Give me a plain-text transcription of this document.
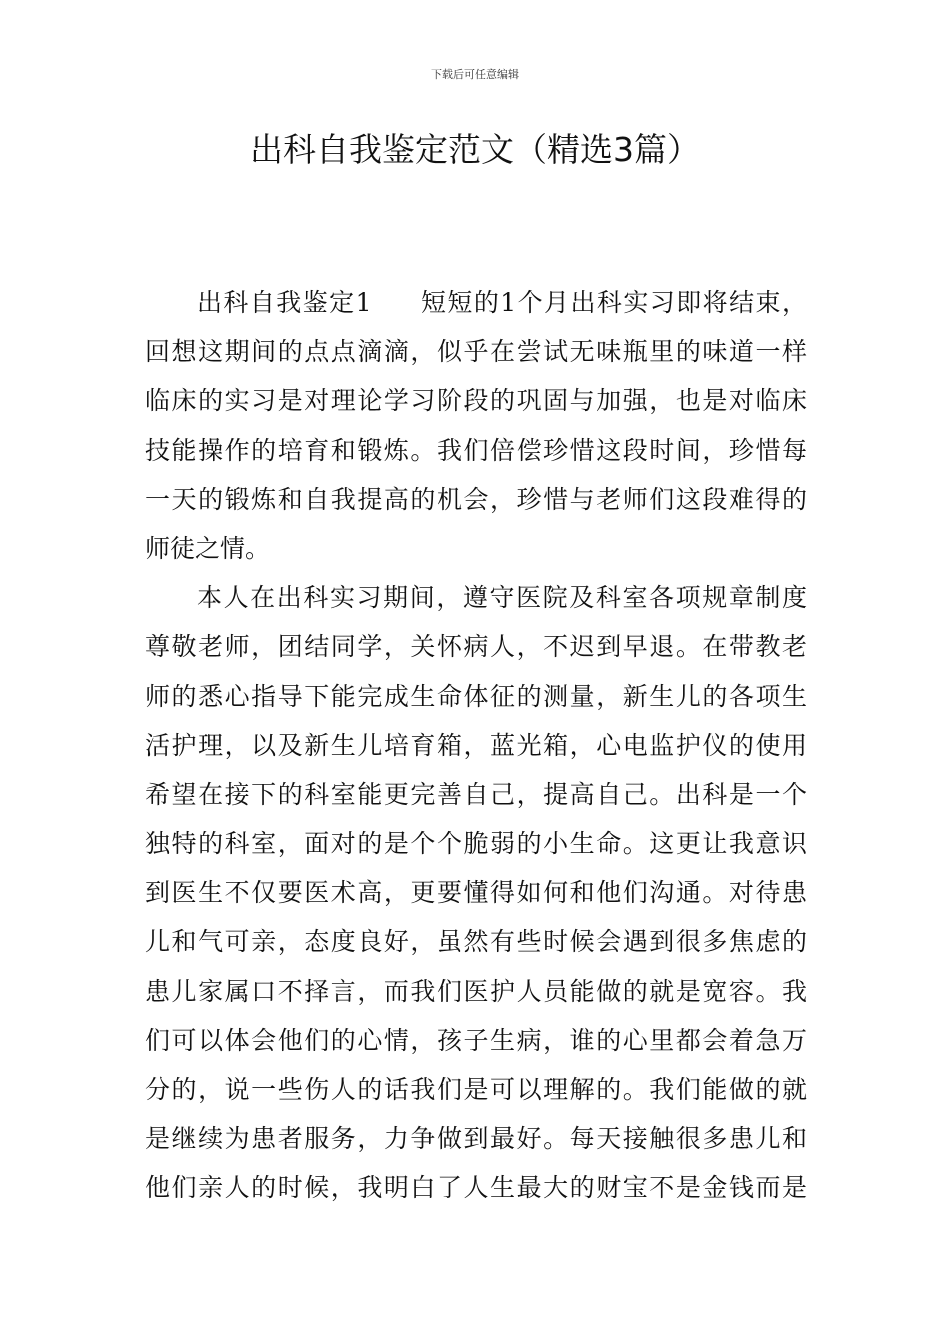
下载后可任意编辑
出科自我鉴定范文（精选3篇）
出科自我鉴定1 短短的1个月出科实习即将结束，
回想这期间的点点滴滴，似乎在尝试无味瓶里的味道一样
临床的实习是对理论学习阶段的巩固与加强，也是对临床
技能操作的培育和锻炼。我们倍偿珍惜这段时间，珍惜每
一天的锻炼和自我提高的机会，珍惜与老师们这段难得的
师徒之情。
本人在出科实习期间，遵守医院及科室各项规章制度
尊敬老师，团结同学，关怀病人，不迟到早退。在带教老
师的悉心指导下能完成生命体征的测量，新生儿的各项生
活护理，以及新生儿培育箱，蓝光箱，心电监护仪的使用
希望在接下的科室能更完善自己，提高自己。出科是一个
独特的科室，面对的是个个脆弱的小生命。这更让我意识
到医生不仅要医术高，更要懂得如何和他们沟通。对待患
儿和气可亲，态度良好，虽然有些时候会遇到很多焦虑的
患儿家属口不择言，而我们医护人员能做的就是宽容。我
们可以体会他们的心情，孩子生病，谁的心里都会着急万
分的，说一些伤人的话我们是可以理解的。我们能做的就
是继续为患者服务，力争做到最好。每天接触很多患儿和
他们亲人的时候，我明白了人生最大的财宝不是金钱而是
